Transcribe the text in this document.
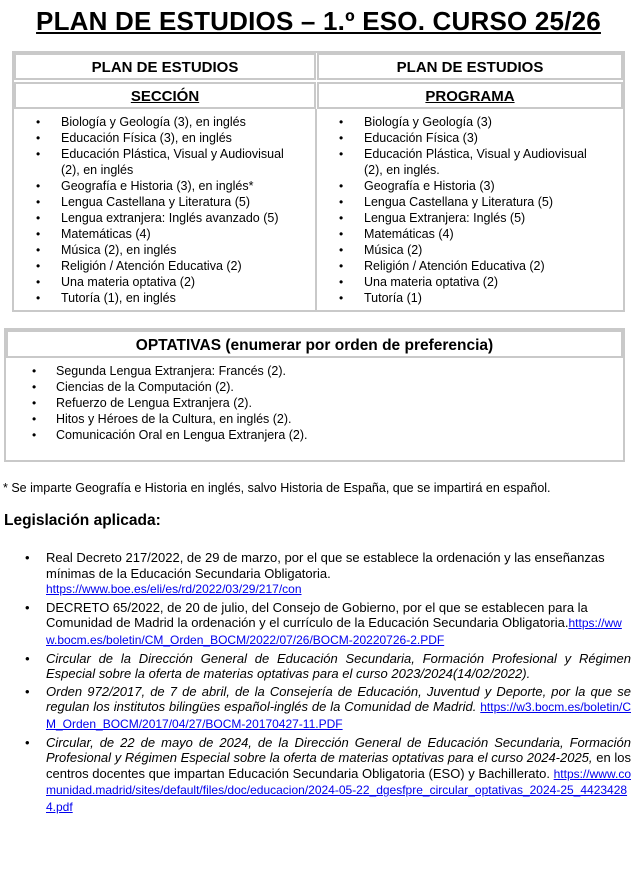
PLAN DE ESTUDIOS – 1.º ESO. CURSO 25/26
PLAN DE ESTUDIOS	PLAN DE ESTUDIOS
SECCIÓN	PROGRAMA
• Biología y Geología (3), en inglés
• Educación Física (3), en inglés
• Educación Plástica, Visual y Audiovisual (2), en inglés
• Geografía e Historia (3), en inglés*
• Lengua Castellana y Literatura (5)
• Lengua extranjera: Inglés avanzado (5)
• Matemáticas (4)
• Música (2), en inglés
• Religión / Atención Educativa (2)
• Una materia optativa (2)
• Tutoría (1), en inglés
• Biología y Geología (3)
• Educación Física (3)
• Educación Plástica, Visual y Audiovisual (2), en inglés.
• Geografía e Historia (3)
• Lengua Castellana y Literatura (5)
• Lengua Extranjera: Inglés (5)
• Matemáticas (4)
• Música (2)
• Religión / Atención Educativa (2)
• Una materia optativa (2)
• Tutoría (1)
OPTATIVAS (enumerar por orden de preferencia)
• Segunda Lengua Extranjera: Francés (2).
• Ciencias de la Computación (2).
• Refuerzo de Lengua Extranjera (2).
• Hitos y Héroes de la Cultura, en inglés (2).
• Comunicación Oral en Lengua Extranjera (2).
* Se imparte Geografía e Historia en inglés, salvo Historia de España, que se impartirá en español.
Legislación aplicada:
• Real Decreto 217/2022, de 29 de marzo, por el que se establece la ordenación y las enseñanzas mínimas de la Educación Secundaria Obligatoria.
https://www.boe.es/eli/es/rd/2022/03/29/217/con
• DECRETO 65/2022, de 20 de julio, del Consejo de Gobierno, por el que se establecen para la Comunidad de Madrid la ordenación y el currículo de la Educación Secundaria Obligatoria.https://www.bocm.es/boletin/CM_Orden_BOCM/2022/07/26/BOCM-20220726-2.PDF
• Circular de la Dirección General de Educación Secundaria, Formación Profesional y Régimen Especial sobre la oferta de materias optativas para el curso 2023/2024(14/02/2022).
• Orden 972/2017, de 7 de abril, de la Consejería de Educación, Juventud y Deporte, por la que se regulan los institutos bilingües español-inglés de la Comunidad de Madrid. https://w3.bocm.es/boletin/CM_Orden_BOCM/2017/04/27/BOCM-20170427-11.PDF
• Circular, de 22 de mayo de 2024, de la Dirección General de Educación Secundaria, Formación Profesional y Régimen Especial sobre la oferta de materias optativas para el curso 2024-2025, en los centros docentes que impartan Educación Secundaria Obligatoria (ESO) y Bachillerato. https://www.comunidad.madrid/sites/default/files/doc/educacion/2024-05-22_dgesfpre_circular_optativas_2024-25_44234284.pdf
